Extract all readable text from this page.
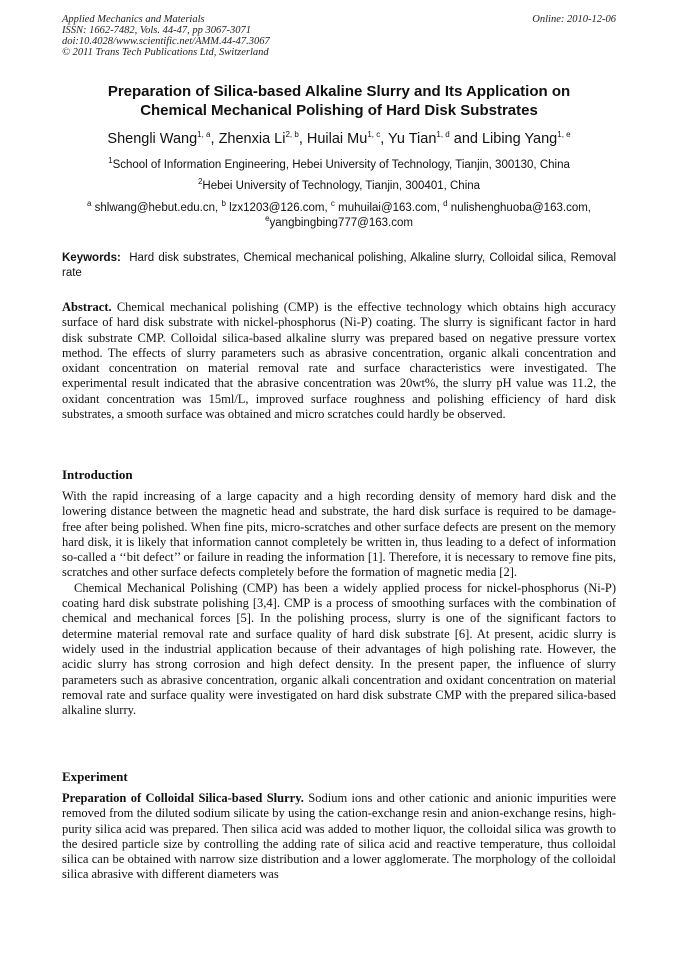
Applied Mechanics and Materials
ISSN: 1662-7482, Vols. 44-47, pp 3067-3071
doi:10.4028/www.scientific.net/AMM.44-47.3067
© 2011 Trans Tech Publications Ltd, Switzerland
Online: 2010-12-06
Preparation of Silica-based Alkaline Slurry and Its Application on
Chemical Mechanical Polishing of Hard Disk Substrates
Shengli Wang$^{1, a}$, Zhenxia Li$^{2, b}$, Huilai Mu$^{1, c}$, Yu Tian$^{1, d}$ and Libing Yang$^{1, e}$
$^1$School of Information Engineering, Hebei University of Technology, Tianjin, 300130, China
$^2$Hebei University of Technology, Tianjin, 300401, China
$^a$ shlwang@hebut.edu.cn, $^b$ lzx1203@126.com, $^c$ muhuilai@163.com, $^d$ nulishenghuoba@163.com,
$^e$yangbingbing777@163.com
Keywords: Hard disk substrates, Chemical mechanical polishing, Alkaline slurry, Colloidal silica, Removal rate
Abstract. Chemical mechanical polishing (CMP) is the effective technology which obtains high accuracy surface of hard disk substrate with nickel-phosphorus (Ni-P) coating. The slurry is significant factor in hard disk substrate CMP. Colloidal silica-based alkaline slurry was prepared based on negative pressure vortex method. The effects of slurry parameters such as abrasive concentration, organic alkali concentration and oxidant concentration on material removal rate and surface characteristics were investigated. The experimental result indicated that the abrasive concentration was 20wt%, the slurry pH value was 11.2, the oxidant concentration was 15ml/L, improved surface roughness and polishing efficiency of hard disk substrates, a smooth surface was obtained and micro scratches could hardly be observed.
Introduction
With the rapid increasing of a large capacity and a high recording density of memory hard disk and the lowering distance between the magnetic head and substrate, the hard disk surface is required to be damage-free after being polished. When fine pits, micro-scratches and other surface defects are present on the memory hard disk, it is likely that information cannot completely be written in, thus leading to a defect of information so-called a ‘‘bit defect’’ or failure in reading the information [1]. Therefore, it is necessary to remove fine pits, scratches and other surface defects completely before the formation of magnetic media [2].
Chemical Mechanical Polishing (CMP) has been a widely applied process for nickel-phosphorus (Ni-P) coating hard disk substrate polishing [3,4]. CMP is a process of smoothing surfaces with the combination of chemical and mechanical forces [5]. In the polishing process, slurry is one of the significant factors to determine material removal rate and surface quality of hard disk substrate [6]. At present, acidic slurry is widely used in the industrial application because of their advantages of high polishing rate. However, the acidic slurry has strong corrosion and high defect density. In the present paper, the influence of slurry parameters such as abrasive concentration, organic alkali concentration and oxidant concentration on material removal rate and surface quality were investigated on hard disk substrate CMP with the prepared silica-based alkaline slurry.
Experiment
Preparation of Colloidal Silica-based Slurry. Sodium ions and other cationic and anionic impurities were removed from the diluted sodium silicate by using the cation-exchange resin and anion-exchange resins, high-purity silica acid was prepared. Then silica acid was added to mother liquor, the colloidal silica was growth to the desired particle size by controlling the adding rate of silica acid and reactive temperature, thus colloidal silica can be obtained with narrow size distribution and a lower agglomerate. The morphology of the colloidal silica abrasive with different diameters was
